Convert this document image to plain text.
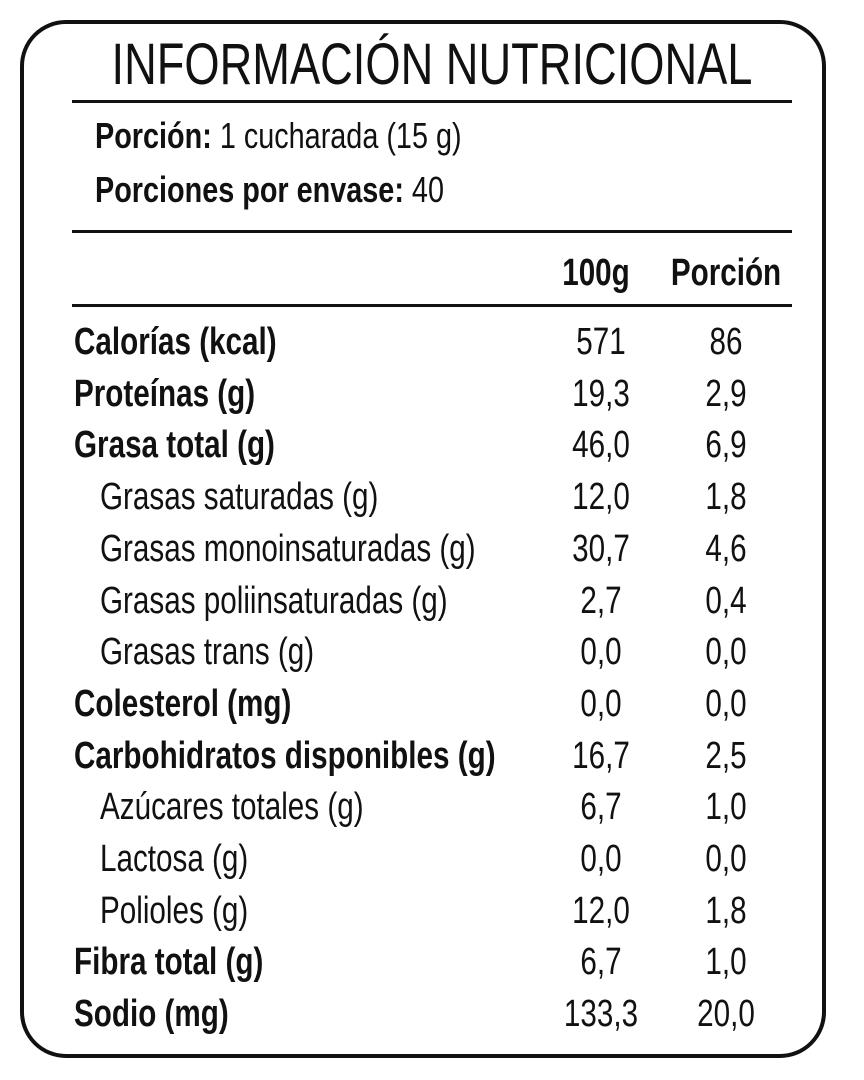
INFORMACIÓN NUTRICIONAL
Porción: 1 cucharada (15 g)
Porciones por envase: 40
100g	Porción
Calorías (kcal)	571	86
Proteínas (g)	19,3	2,9
Grasa total (g)	46,0	6,9
Grasas saturadas (g)	12,0	1,8
Grasas monoinsaturadas (g)	30,7	4,6
Grasas poliinsaturadas (g)	2,7	0,4
Grasas trans (g)	0,0	0,0
Colesterol (mg)	0,0	0,0
Carbohidratos disponibles (g)	16,7	2,5
Azúcares totales (g)	6,7	1,0
Lactosa (g)	0,0	0,0
Polioles (g)	12,0	1,8
Fibra total (g)	6,7	1,0
Sodio (mg)	133,3	20,0
